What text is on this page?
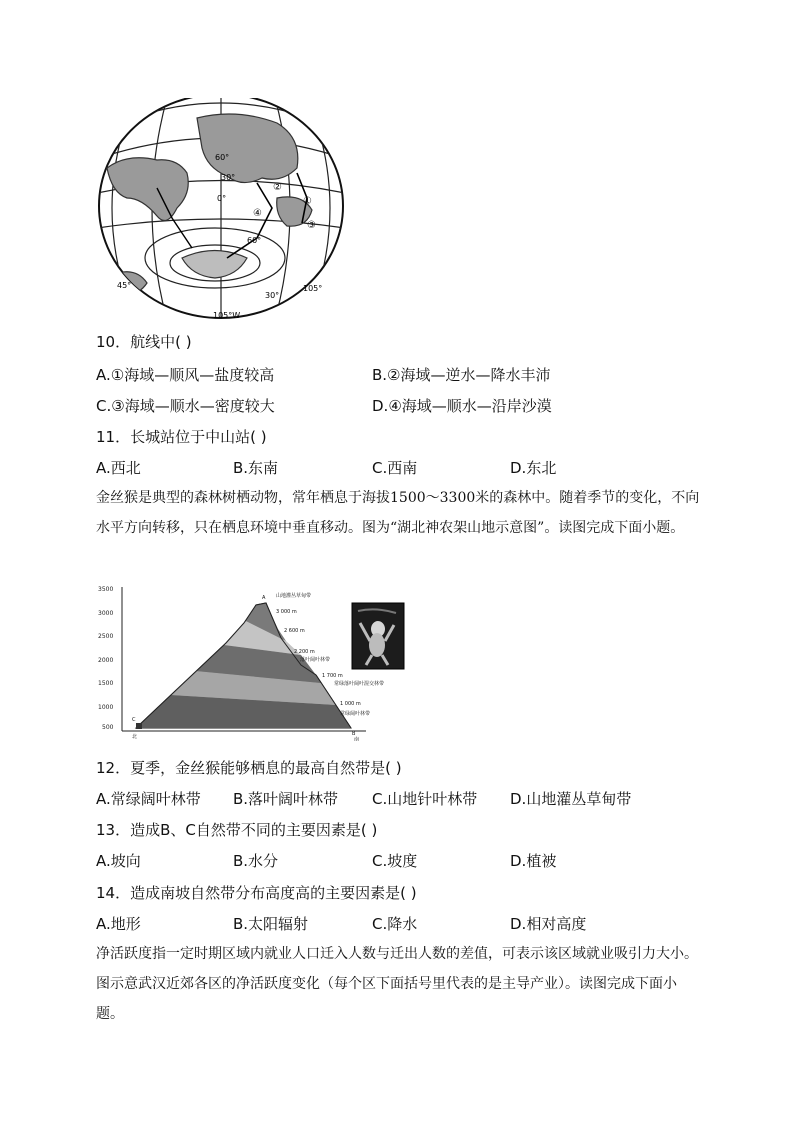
60°
30°
0°
60°
30°
105°W
105°
45°
①
②
③
④
10．航线中( )
A.①海域—顺风—盐度较高	B.②海域—逆水—降水丰沛
C.③海域—顺水—密度较大	D.④海域—顺水—沿岸沙漠
11．长城站位于中山站( )
A.西北	B.东南	C.西南	D.东北
金丝猴是典型的森林树栖动物，常年栖息于海拔1500～3300米的森林中。随着季节的变化，不向水平方向转移，只在栖息环境中垂直移动。图为“湖北神农架山地示意图”。读图完成下面小题。
3500
3000
2500
2000
1500
1000
500
A 山地灌丛草甸带
3 000 m
2 600 m
2 200 m
落叶阔叶林带
1 700 m
常绿落叶阔叶混交林带
1 000 m
常绿阔叶林带
B
C
北	南
12．夏季，金丝猴能够栖息的最高自然带是( )
A.常绿阔叶林带 B.落叶阔叶林带 C.山地针叶林带 D.山地灌丛草甸带
13．造成B、C自然带不同的主要因素是( )
A.坡向	B.水分	C.坡度	D.植被
14．造成南坡自然带分布高度高的主要因素是( )
A.地形	B.太阳辐射	C.降水	D.相对高度
净活跃度指一定时期区域内就业人口迁入人数与迁出人数的差值，可表示该区域就业吸引力大小。图示意武汉近郊各区的净活跃度变化（每个区下面括号里代表的是主导产业）。读图完成下面小题。
